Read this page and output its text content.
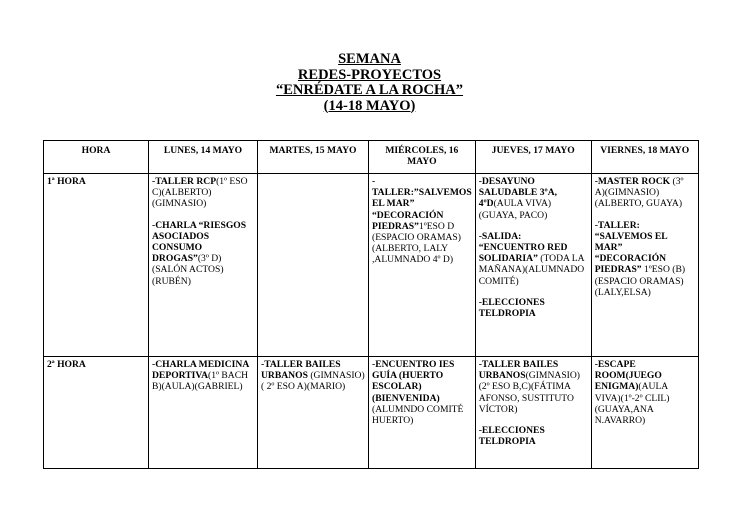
SEMANA
REDES-PROYECTOS
“ENRÉDATE A LA ROCHA”
(14-18 MAYO)
HORA	LUNES, 14 MAYO	MARTES, 15 MAYO	MIÉRCOLES, 16 MAYO	JUEVES, 17 MAYO	VIERNES, 18 MAYO
1ª HORA	-TALLER RCP(1º ESO C)(ALBERTO)(GIMNASIO)
-CHARLA “RIESGOS ASOCIADOS CONSUMO DROGAS”(3º D)(SALÓN ACTOS)(RUBÉN)		-TALLER:”SALVEMOS EL MAR” “DECORACIÓN PIEDRAS”1ºESO D (ESPACIO ORAMAS)(ALBERTO, LALY ,ALUMNADO 4º D)	-DESAYUNO SALUDABLE 3ºA, 4ºD(AULA VIVA)(GUAYA, PACO)
-SALIDA: “ENCUENTRO RED SOLIDARIA” (TODA LA MAÑANA)(ALUMNADO COMITÉ)
-ELECCIONES TELDROPIA	-MASTER ROCK (3º A)(GIMNASIO)(ALBERTO, GUAYA)
-TALLER: “SALVEMOS EL MAR” “DECORACIÓN PIEDRAS” 1ºESO (B) (ESPACIO ORAMAS)(LALY,ELSA)

2ª HORA	-CHARLA MEDICINA DEPORTIVA(1º BACH B)(AULA)(GABRIEL)	-TALLER BAILES URBANOS (GIMNASIO) ( 2º ESO A)(MARIO)	-ENCUENTRO IES GUÍA (HUERTO ESCOLAR)(BIENVENIDA) (ALUMNDO COMITÉ HUERTO)	-TALLER BAILES URBANOS(GIMNASIO) (2º ESO B,C)(FÁTIMA AFONSO, SUSTITUTO VÍCTOR)
-ELECCIONES TELDROPIA	-ESCAPE ROOM(JUEGO ENIGMA)(AULA VIVA)(1º-2º CLIL)(GUAYA,ANA N.AVARRO)
